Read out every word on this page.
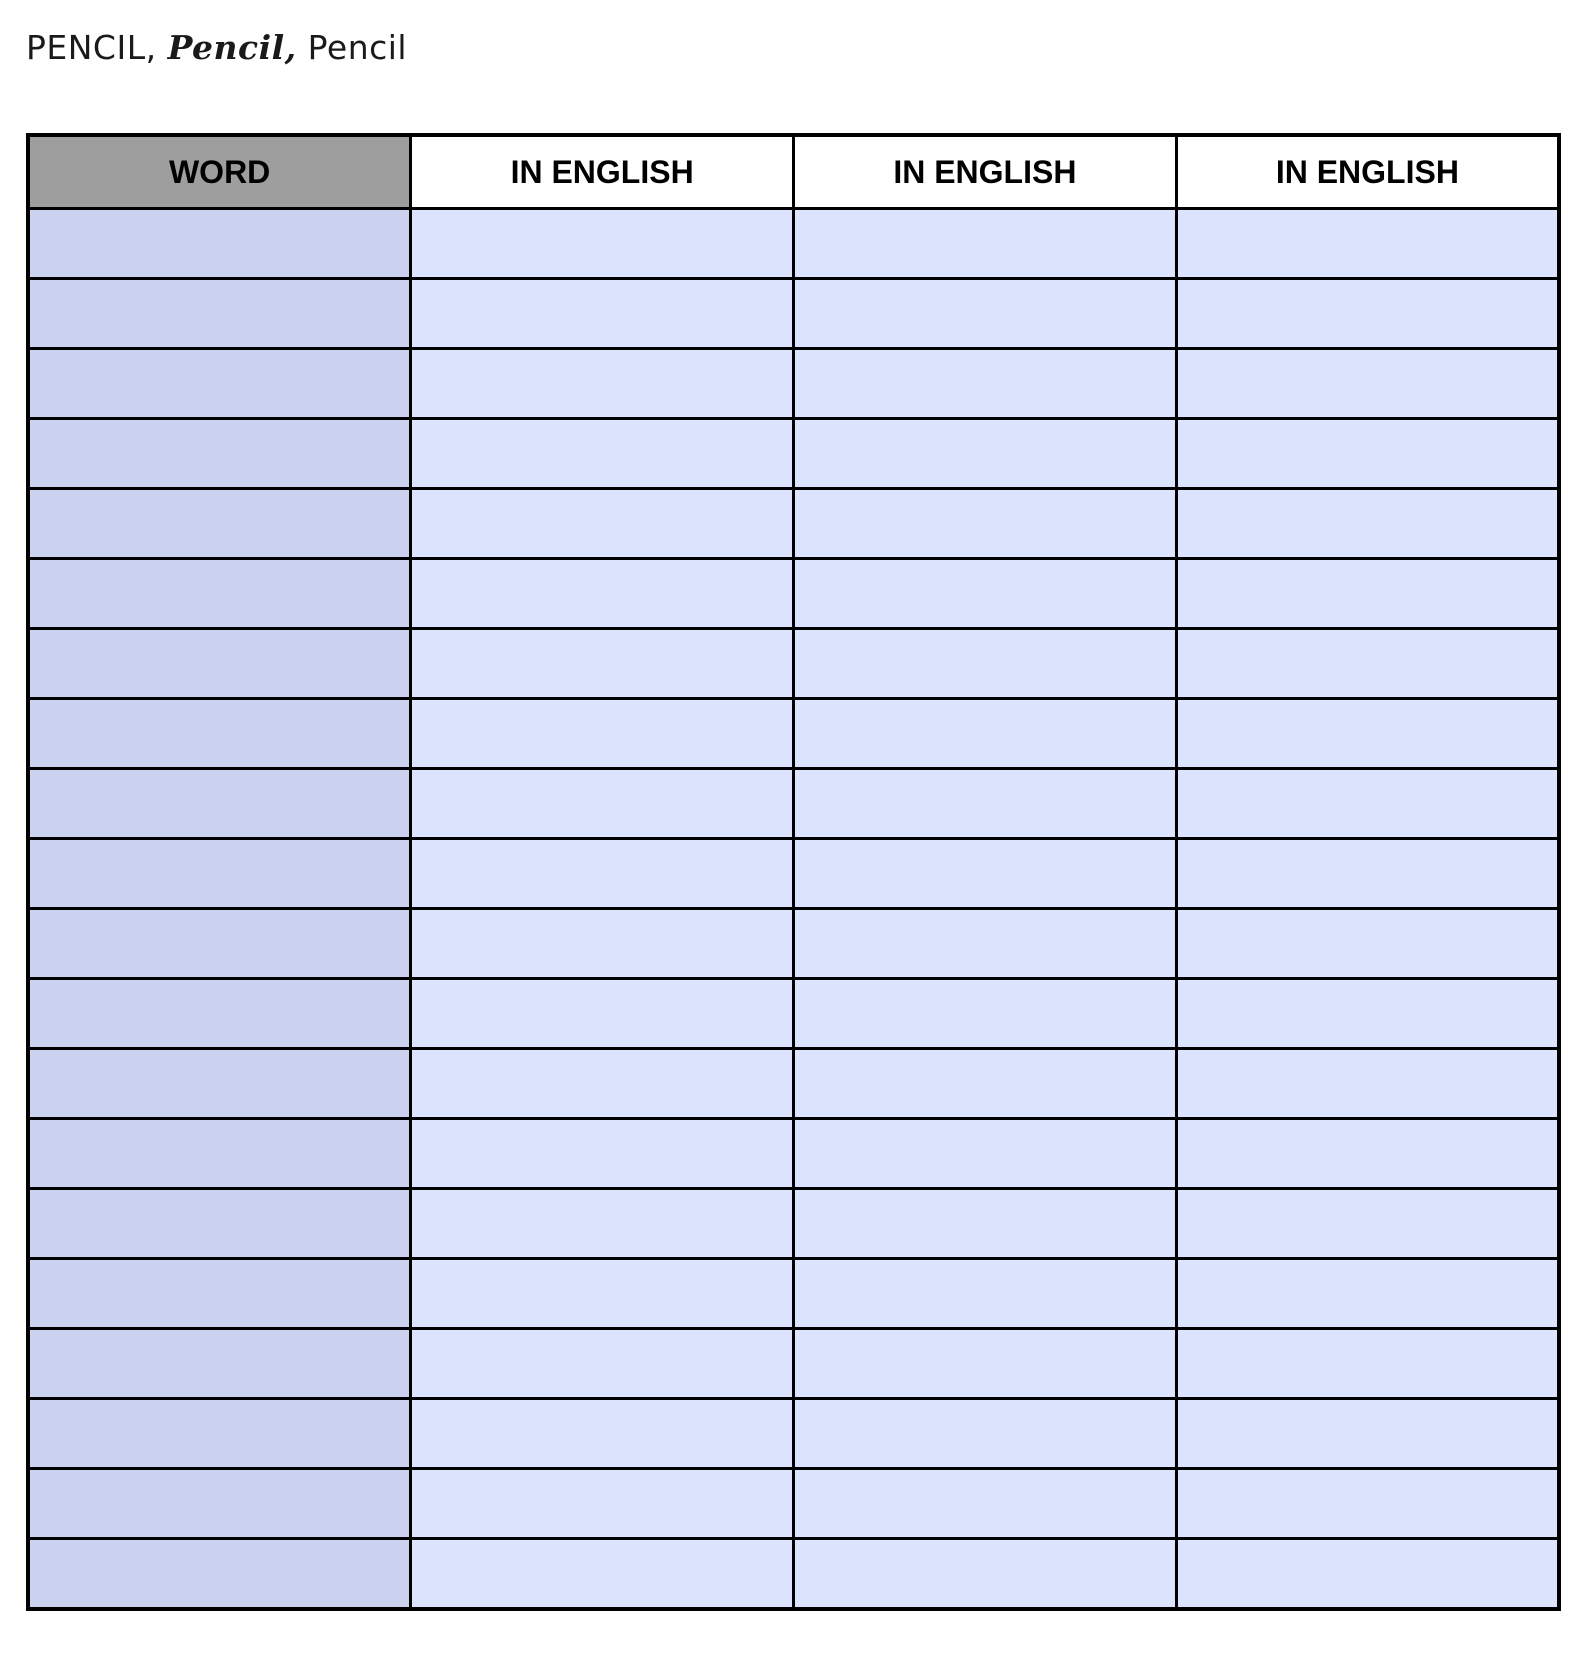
PENCIL, Pencil, Pencil
WORD	IN ENGLISH	IN ENGLISH	IN ENGLISH
